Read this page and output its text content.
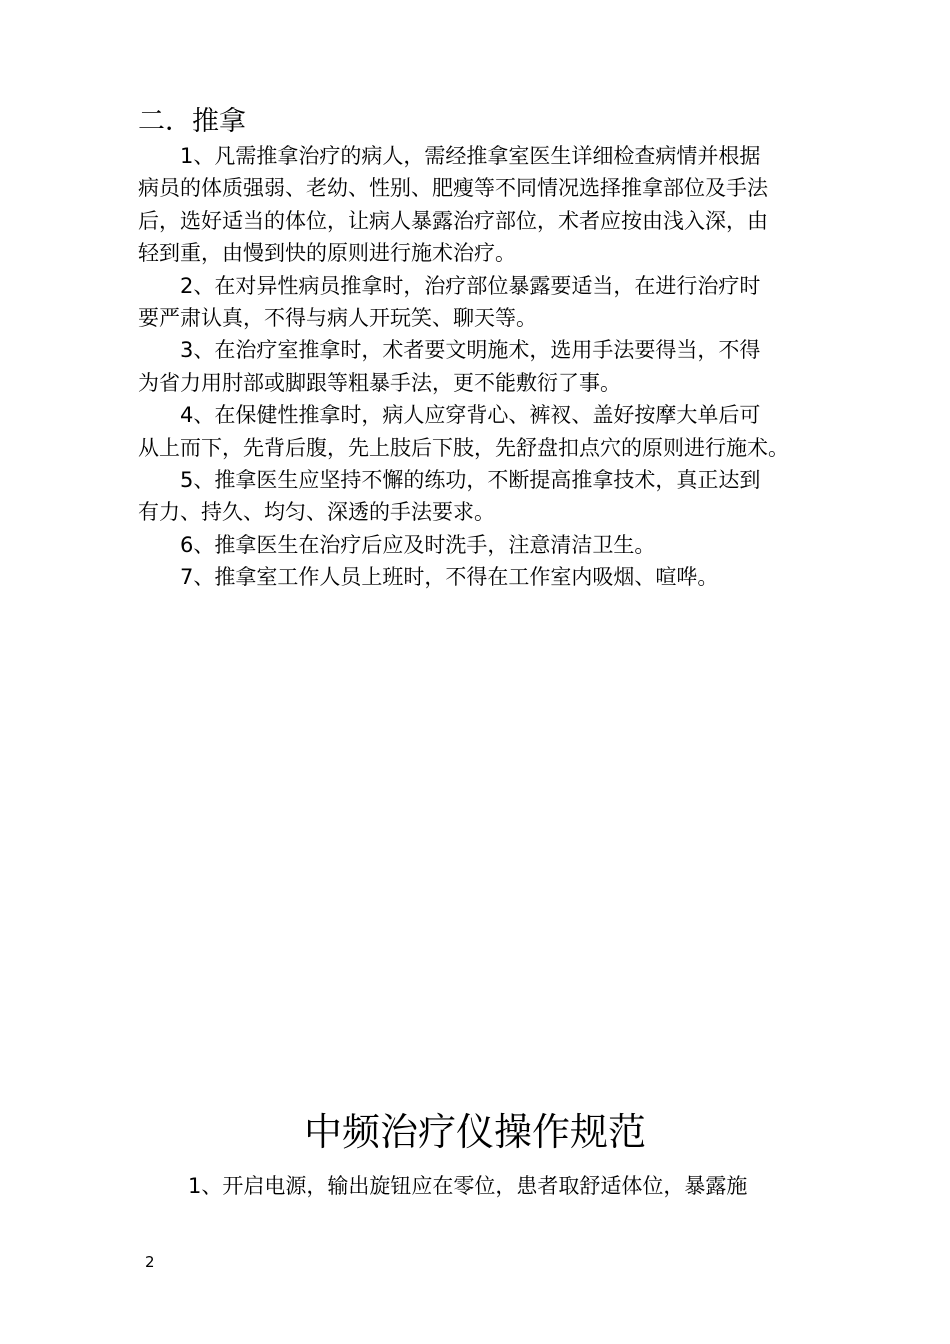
二．推拿

1、凡需推拿治疗的病人，需经推拿室医生详细检查病情并根据
病员的体质强弱、老幼、性别、肥瘦等不同情况选择推拿部位及手法
后，选好适当的体位，让病人暴露治疗部位，术者应按由浅入深，由
轻到重，由慢到快的原则进行施术治疗。

2、在对异性病员推拿时，治疗部位暴露要适当，在进行治疗时
要严肃认真，不得与病人开玩笑、聊天等。

3、在治疗室推拿时，术者要文明施术，选用手法要得当，不得
为省力用肘部或脚跟等粗暴手法，更不能敷衍了事。

4、在保健性推拿时，病人应穿背心、裤衩、盖好按摩大单后可
从上而下，先背后腹，先上肢后下肢，先舒盘扣点穴的原则进行施术。

5、推拿医生应坚持不懈的练功，不断提高推拿技术，真正达到
有力、持久、均匀、深透的手法要求。

6、推拿医生在治疗后应及时洗手，注意清洁卫生。

7、推拿室工作人员上班时，不得在工作室内吸烟、喧哗。

中频治疗仪操作规范

1、开启电源，输出旋钮应在零位，患者取舒适体位，暴露施

2
